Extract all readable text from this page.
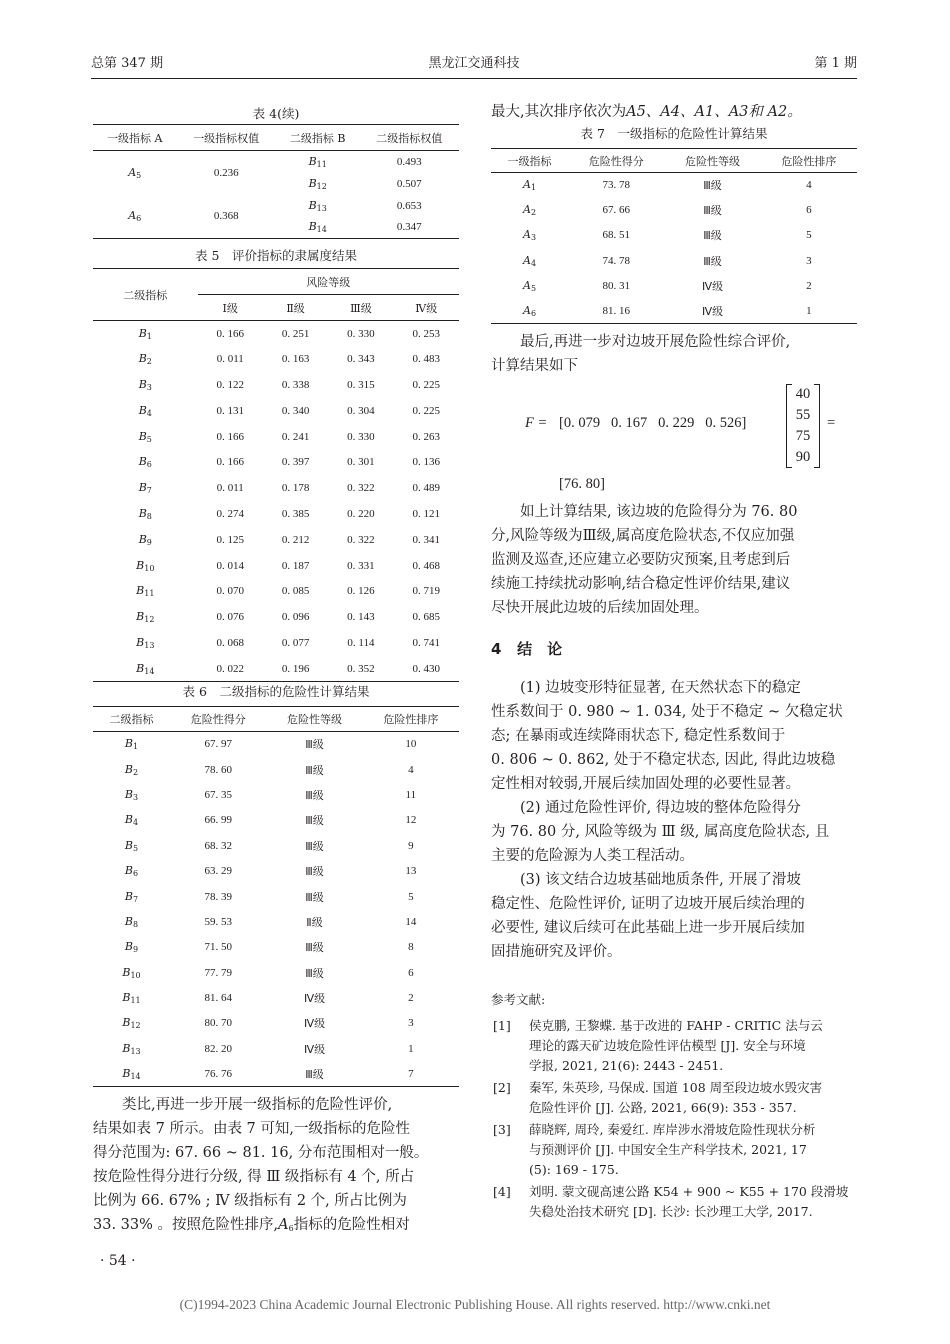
总第 347 期	黑龙江交通科技	第 1 期
表 4(续)
一级指标 A	一级指标权值	二级指标 B	二级指标权值
$A_5$	0.236	$B_{11}$	0.493
		$B_{12}$	0.507
$A_6$	0.368	$B_{13}$	0.653
		$B_{14}$	0.347
表 5　评价指标的隶属度结果
二级指标	风险等级			
	Ⅰ级	Ⅱ级	Ⅲ级	Ⅳ级
$B_1$	0. 166	0. 251	0. 330	0. 253
$B_2$	0. 011	0. 163	0. 343	0. 483
$B_3$	0. 122	0. 338	0. 315	0. 225
$B_4$	0. 131	0. 340	0. 304	0. 225
$B_5$	0. 166	0. 241	0. 330	0. 263
$B_6$	0. 166	0. 397	0. 301	0. 136
$B_7$	0. 011	0. 178	0. 322	0. 489
$B_8$	0. 274	0. 385	0. 220	0. 121
$B_9$	0. 125	0. 212	0. 322	0. 341
$B_{10}$	0. 014	0. 187	0. 331	0. 468
$B_{11}$	0. 070	0. 085	0. 126	0. 719
$B_{12}$	0. 076	0. 096	0. 143	0. 685
$B_{13}$	0. 068	0. 077	0. 114	0. 741
$B_{14}$	0. 022	0. 196	0. 352	0. 430
表 6　二级指标的危险性计算结果
二级指标	危险性得分	危险性等级	危险性排序
$B_1$	67. 97	Ⅲ级	10
$B_2$	78. 60	Ⅲ级	4
$B_3$	67. 35	Ⅲ级	11
$B_4$	66. 99	Ⅲ级	12
$B_5$	68. 32	Ⅲ级	9
$B_6$	63. 29	Ⅲ级	13
$B_7$	78. 39	Ⅲ级	5
$B_8$	59. 53	Ⅱ级	14
$B_9$	71. 50	Ⅲ级	8
$B_{10}$	77. 79	Ⅲ级	6
$B_{11}$	81. 64	Ⅳ级	2
$B_{12}$	80. 70	Ⅳ级	3
$B_{13}$	82. 20	Ⅳ级	1
$B_{14}$	76. 76	Ⅲ级	7
类比,再进一步开展一级指标的危险性评价,
结果如表 7 所示。由表 7 可知,一级指标的危险性
得分范围为: 67. 66 ~ 81. 16, 分布范围相对一般。
按危险性得分进行分级, 得 Ⅲ 级指标有 4 个, 所占
比例为 66. 67% ; Ⅳ 级指标有 2 个, 所占比例为
33. 33% 。按照危险性排序$,A_6$指标的危险性相对
· 54 ·
最大,其次排序依次为A5、A4、A1、A3和 A2。
表 7　一级指标的危险性计算结果
一级指标	危险性得分	危险性等级	危险性排序
$A_1$	73. 78	Ⅲ级	4
$A_2$	67. 66	Ⅲ级	6
$A_3$	68. 51	Ⅲ级	5
$A_4$	74. 78	Ⅲ级	3
$A_5$	80. 31	Ⅳ级	2
$A_6$	81. 16	Ⅳ级	1
最后,再进一步对边坡开展危险性综合评价,
计算结果如下
F = [0. 079 0. 167 0. 229 0. 526]
40
55
75
90
=
[76. 80]
如上计算结果, 该边坡的危险得分为 76. 80
分,风险等级为Ⅲ级,属高度危险状态,不仅应加强
监测及巡查,还应建立必要防灾预案,且考虑到后
续施工持续扰动影响,结合稳定性评价结果,建议
尽快开展此边坡的后续加固处理。
4 结　论
(1) 边坡变形特征显著, 在天然状态下的稳定
性系数间于 0. 980 ~ 1. 034, 处于不稳定 ~ 欠稳定状
态; 在暴雨或连续降雨状态下, 稳定性系数间于
0. 806 ~ 0. 862, 处于不稳定状态, 因此, 得此边坡稳
定性相对较弱,开展后续加固处理的必要性显著。
(2) 通过危险性评价, 得边坡的整体危险得分
为 76. 80 分, 风险等级为 Ⅲ 级, 属高度危险状态, 且
主要的危险源为人类工程活动。
(3) 该文结合边坡基础地质条件, 开展了滑坡
稳定性、危险性评价, 证明了边坡开展后续治理的
必要性, 建议后续可在此基础上进一步开展后续加
固措施研究及评价。
参考文献:
[1] 侯克鹏, 王黎蝶. 基于改进的 FAHP - CRITIC 法与云
理论的露天矿边坡危险性评估模型 [J]. 安全与环境
学报, 2021, 21(6): 2443 - 2451.
[2] 秦军, 朱英珍, 马保成. 国道 108 周至段边坡水毁灾害
危险性评价 [J]. 公路, 2021, 66(9): 353 - 357.
[3] 薛晓辉, 周玲, 秦爱红. 库岸涉水滑坡危险性现状分析
与预测评价 [J]. 中国安全生产科学技术, 2021, 17
(5): 169 - 175.
[4] 刘明. 蒙文砚高速公路 K54 + 900 ~ K55 + 170 段滑坡
失稳处治技术研究 [D]. 长沙: 长沙理工大学, 2017.
(C)1994-2023 China Academic Journal Electronic Publishing House. All rights reserved. http://www.cnki.net
